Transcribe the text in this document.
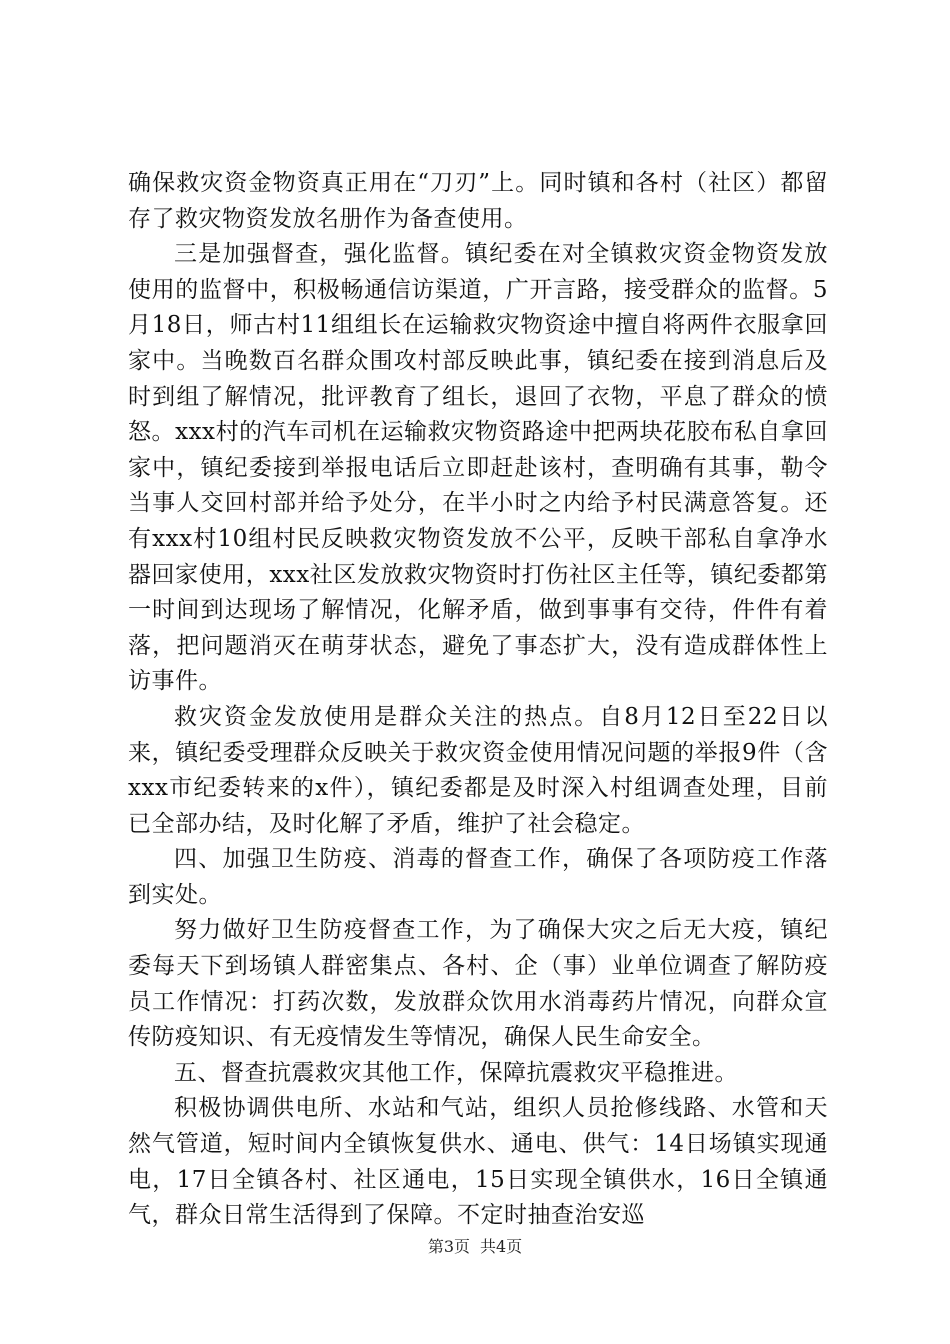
确保救灾资金物资真正用在“刀刃”上。同时镇和各村（社区）都留存了救灾物资发放名册作为备查使用。

三是加强督查，强化监督。镇纪委在对全镇救灾资金物资发放使用的监督中，积极畅通信访渠道，广开言路，接受群众的监督。5月18日，师古村11组组长在运输救灾物资途中擅自将两件衣服拿回家中。当晚数百名群众围攻村部反映此事，镇纪委在接到消息后及时到组了解情况，批评教育了组长，退回了衣物，平息了群众的愤怒。xxx村的汽车司机在运输救灾物资路途中把两块花胶布私自拿回家中，镇纪委接到举报电话后立即赶赴该村，查明确有其事，勒令当事人交回村部并给予处分，在半小时之内给予村民满意答复。还有xxx村10组村民反映救灾物资发放不公平，反映干部私自拿净水器回家使用，xxx社区发放救灾物资时打伤社区主任等，镇纪委都第一时间到达现场了解情况，化解矛盾，做到事事有交待，件件有着落，把问题消灭在萌芽状态，避免了事态扩大，没有造成群体性上访事件。

救灾资金发放使用是群众关注的热点。自8月12日至22日以来，镇纪委受理群众反映关于救灾资金使用情况问题的举报9件（含xxx市纪委转来的x件），镇纪委都是及时深入村组调查处理，目前已全部办结，及时化解了矛盾，维护了社会稳定。

四、加强卫生防疫、消毒的督查工作，确保了各项防疫工作落到实处。

努力做好卫生防疫督查工作，为了确保大灾之后无大疫，镇纪委每天下到场镇人群密集点、各村、企（事）业单位调查了解防疫员工作情况：打药次数，发放群众饮用水消毒药片情况，向群众宣传防疫知识、有无疫情发生等情况，确保人民生命安全。

五、督查抗震救灾其他工作，保障抗震救灾平稳推进。

积极协调供电所、水站和气站，组织人员抢修线路、水管和天然气管道，短时间内全镇恢复供水、通电、供气：14日场镇实现通电，17日全镇各村、社区通电，15日实现全镇供水，16日全镇通气，群众日常生活得到了保障。不定时抽查治安巡

第3页 共4页
